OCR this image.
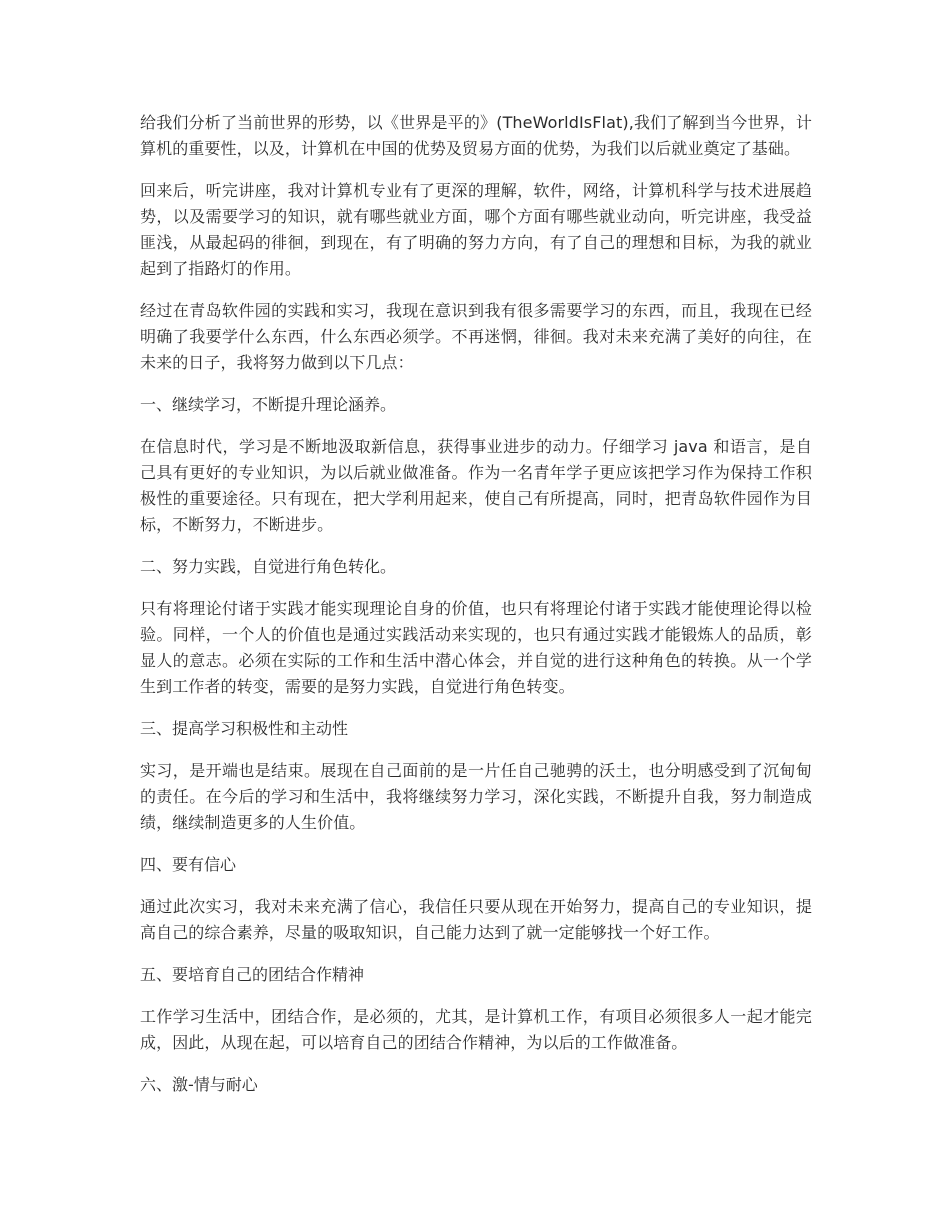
给我们分析了当前世界的形势，以《世界是平的》(TheWorldIsFlat),我们了解到当今世界，计算机的重要性，以及，计算机在中国的优势及贸易方面的优势，为我们以后就业奠定了基础。

回来后，听完讲座，我对计算机专业有了更深的理解，软件，网络，计算机科学与技术进展趋势，以及需要学习的知识，就有哪些就业方面，哪个方面有哪些就业动向，听完讲座，我受益匪浅，从最起码的徘徊，到现在，有了明确的努力方向，有了自己的理想和目标，为我的就业起到了指路灯的作用。

经过在青岛软件园的实践和实习，我现在意识到我有很多需要学习的东西，而且，我现在已经明确了我要学什么东西，什么东西必须学。不再迷惘，徘徊。我对未来充满了美好的向往，在未来的日子，我将努力做到以下几点：

一、继续学习，不断提升理论涵养。

在信息时代，学习是不断地汲取新信息，获得事业进步的动力。仔细学习 java 和语言，是自己具有更好的专业知识，为以后就业做准备。作为一名青年学子更应该把学习作为保持工作积极性的重要途径。只有现在，把大学利用起来，使自己有所提高，同时，把青岛软件园作为目标，不断努力，不断进步。

二、努力实践，自觉进行角色转化。

只有将理论付诸于实践才能实现理论自身的价值，也只有将理论付诸于实践才能使理论得以检验。同样，一个人的价值也是通过实践活动来实现的，也只有通过实践才能锻炼人的品质，彰显人的意志。必须在实际的工作和生活中潜心体会，并自觉的进行这种角色的转换。从一个学生到工作者的转变，需要的是努力实践，自觉进行角色转变。

三、提高学习积极性和主动性

实习，是开端也是结束。展现在自己面前的是一片任自己驰骋的沃土，也分明感受到了沉甸甸的责任。在今后的学习和生活中，我将继续努力学习，深化实践，不断提升自我，努力制造成绩，继续制造更多的人生价值。

四、要有信心

通过此次实习，我对未来充满了信心，我信任只要从现在开始努力，提高自己的专业知识，提高自己的综合素养，尽量的吸取知识，自己能力达到了就一定能够找一个好工作。

五、要培育自己的团结合作精神

工作学习生活中，团结合作，是必须的，尤其，是计算机工作，有项目必须很多人一起才能完成，因此，从现在起，可以培育自己的团结合作精神，为以后的工作做准备。

六、激-情与耐心
